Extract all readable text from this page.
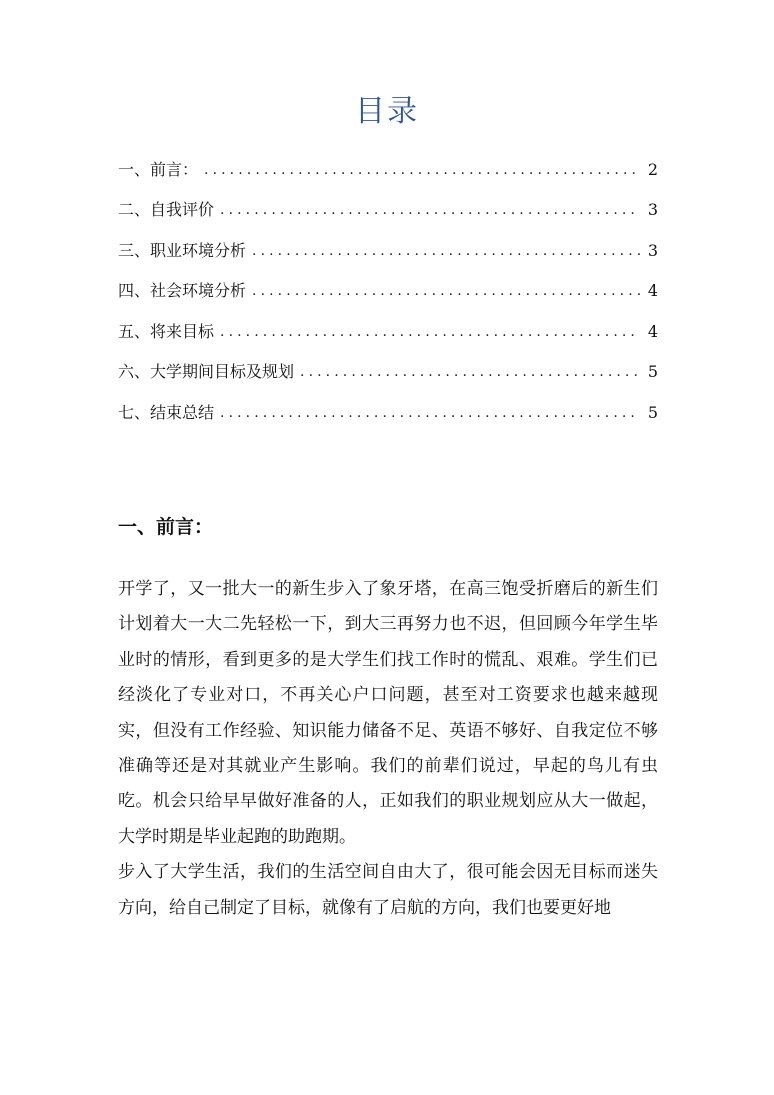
目录
一、前言： .....	2
二、自我评价 .....	3
三、职业环境分析 .....	3
四、社会环境分析 .....	4
五、将来目标 .....	4
六、大学期间目标及规划 .....	5
七、结束总结 .....	5
一、前言：

开学了，又一批大一的新生步入了象牙塔，在高三饱受折磨后的新生们计划着大一大二先轻松一下，到大三再努力也不迟，但回顾今年学生毕业时的情形，看到更多的是大学生们找工作时的慌乱、艰难。学生们已经淡化了专业对口，不再关心户口问题，甚至对工资要求也越来越现实，但没有工作经验、知识能力储备不足、英语不够好、自我定位不够准确等还是对其就业产生影响。我们的前辈们说过，早起的鸟儿有虫吃。机会只给早早做好准备的人，正如我们的职业规划应从大一做起，大学时期是毕业起跑的助跑期。

步入了大学生活，我们的生活空间自由大了，很可能会因无目标而迷失方向，给自己制定了目标，就像有了启航的方向，我们也要更好地
